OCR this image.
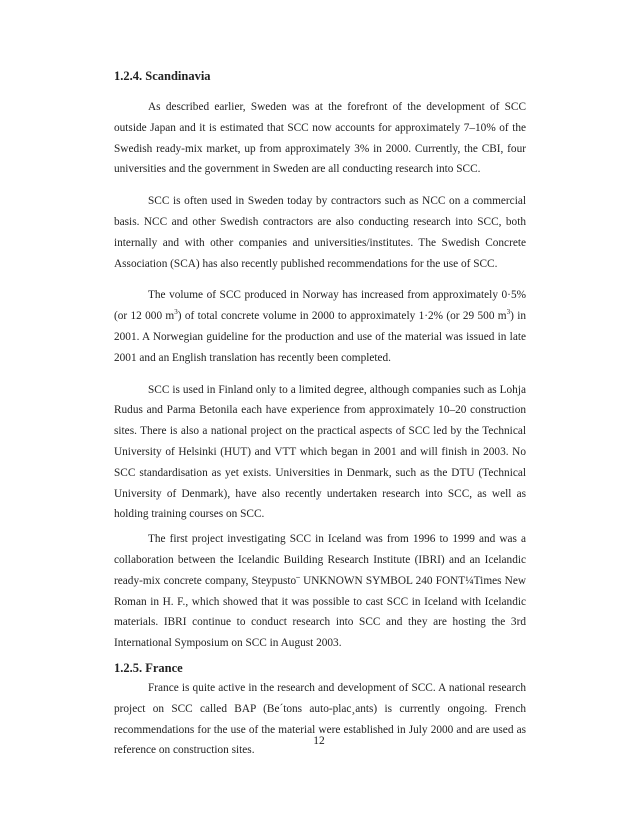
1.2.4. Scandinavia

As described earlier, Sweden was at the forefront of the development of SCC outside Japan and it is estimated that SCC now accounts for approximately 7–10% of the Swedish ready-mix market, up from approximately 3% in 2000. Currently, the CBI, four universities and the government in Sweden are all conducting research into SCC.

SCC is often used in Sweden today by contractors such as NCC on a commercial basis. NCC and other Swedish contractors are also conducting research into SCC, both internally and with other companies and universities/institutes. The Swedish Concrete Association (SCA) has also recently published recommendations for the use of SCC.

The volume of SCC produced in Norway has increased from approximately 0·5% (or 12 000 $m^3$) of total concrete volume in 2000 to approximately 1·2% (or 29 500 $m^3$) in 2001. A Norwegian guideline for the production and use of the material was issued in late 2001 and an English translation has recently been completed.

SCC is used in Finland only to a limited degree, although companies such as Lohja Rudus and Parma Betonila each have experience from approximately 10–20 construction sites. There is also a national project on the practical aspects of SCC led by the Technical University of Helsinki (HUT) and VTT which began in 2001 and will finish in 2003. No SCC standardisation as yet exists. Universities in Denmark, such as the DTU (Technical University of Denmark), have also recently undertaken research into SCC, as well as holding training courses on SCC.

The first project investigating SCC in Iceland was from 1996 to 1999 and was a collaboration between the Icelandic Building Research Institute (IBRI) and an Icelandic ready-mix concrete company, Steypusto¨ UNKNOWN SYMBOL 240 FONT¼Times New Roman in H. F., which showed that it was possible to cast SCC in Iceland with Icelandic materials. IBRI continue to conduct research into SCC and they are hosting the 3rd International Symposium on SCC in August 2003.

1.2.5. France

France is quite active in the research and development of SCC. A national research project on SCC called BAP (Be´tons auto-plac¸ants) is currently ongoing. French recommendations for the use of the material were established in July 2000 and are used as reference on construction sites.

12
